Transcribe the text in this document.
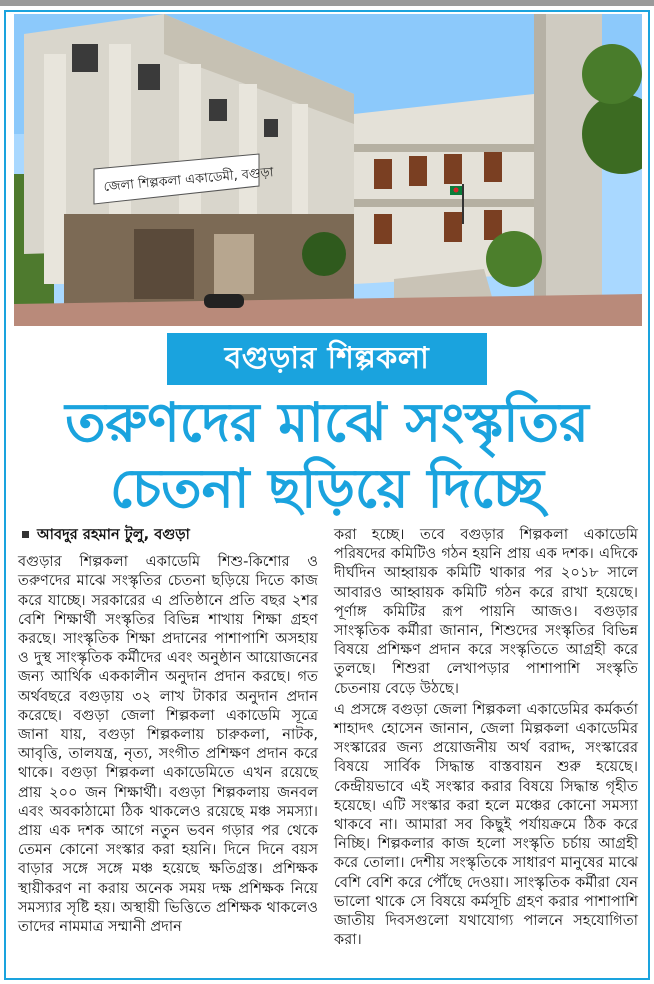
জেলা শিল্পকলা একাডেমী, বগুড়া
বগুড়ার শিল্পকলা
তরুণদের মাঝে সংস্কৃতির
চেতনা ছড়িয়ে দিচ্ছে
আবদুর রহমান টুলু, বগুড়া

বগুড়ার শিল্পকলা একাডেমি শিশু-কিশোর ও তরুণদের মাঝে সংস্কৃতির চেতনা ছড়িয়ে দিতে কাজ করে যাচ্ছে। সরকারের এ প্রতিষ্ঠানে প্রতি বছর ২শর বেশি শিক্ষার্থী সংস্কৃতির বিভিন্ন শাখায় শিক্ষা গ্রহণ করছে। সাংস্কৃতিক শিক্ষা প্রদানের পাশাপাশি অসহায় ও দুস্থ সাংস্কৃতিক কর্মীদের এবং অনুষ্ঠান আয়োজনের জন্য আর্থিক এককালীন অনুদান প্রদান করছে। গত অর্থবছরে বগুড়ায় ৩২ লাখ টাকার অনুদান প্রদান করেছে। বগুড়া জেলা শিল্পকলা একাডেমি সূত্রে জানা যায়, বগুড়া শিল্পকলায় চারুকলা, নাটক, আবৃত্তি, তালযন্ত্র, নৃত্য, সংগীত প্রশিক্ষণ প্রদান করে থাকে। বগুড়া শিল্পকলা একাডেমিতে এখন রয়েছে প্রায় ২০০ জন শিক্ষার্থী। বগুড়া শিল্পকলায় জনবল এবং অবকাঠামো ঠিক থাকলেও রয়েছে মঞ্চ সমস্যা। প্রায় এক দশক আগে নতুন ভবন গড়ার পর থেকে তেমন কোনো সংস্কার করা হয়নি। দিনে দিনে বয়স বাড়ার সঙ্গে সঙ্গে মঞ্চ হয়েছে ক্ষতিগ্রস্ত। প্রশিক্ষক স্থায়ীকরণ না করায় অনেক সময় দক্ষ প্রশিক্ষক নিয়ে সমস্যার সৃষ্টি হয়। অস্থায়ী ভিত্তিতে প্রশিক্ষক থাকলেও তাদের নামমাত্র সম্মানী প্রদান

করা হচ্ছে। তবে বগুড়ার শিল্পকলা একাডেমি পরিষদের কমিটিও গঠন হয়নি প্রায় এক দশক। এদিকে দীর্ঘদিন আহ্বায়ক কমিটি থাকার পর ২০১৮ সালে আবারও আহ্বায়ক কমিটি গঠন করে রাখা হয়েছে। পূর্ণাঙ্গ কমিটির রূপ পায়নি আজও। বগুড়ার সাংস্কৃতিক কর্মীরা জানান, শিশুদের সংস্কৃতির বিভিন্ন বিষয়ে প্রশিক্ষণ প্রদান করে সংস্কৃতিতে আগ্রহী করে তুলছে। শিশুরা লেখাপড়ার পাশাপাশি সংস্কৃতি চেতনায় বেড়ে উঠছে।

এ প্রসঙ্গে বগুড়া জেলা শিল্পকলা একাডেমির কর্মকর্তা শাহাদৎ হোসেন জানান, জেলা মিল্পকলা একাডেমির সংস্কারের জন্য প্রয়োজনীয় অর্থ বরাদ্দ, সংস্কারের বিষয়ে সার্বিক সিদ্ধান্ত বাস্তবায়ন শুরু হয়েছে। কেন্দ্রীয়ভাবে এই সংস্কার করার বিষয়ে সিদ্ধান্ত গৃহীত হয়েছে। এটি সংস্কার করা হলে মঞ্চের কোনো সমস্যা থাকবে না। আমারা সব কিছুই পর্যায়ক্রমে ঠিক করে নিচ্ছি। শিল্পকলার কাজ হলো সংস্কৃতি চর্চায় আগ্রহী করে তোলা। দেশীয় সংস্কৃতিকে সাধারণ মানুষের মাঝে বেশি বেশি করে পৌঁছে দেওয়া। সাংস্কৃতিক কর্মীরা যেন ভালো থাকে সে বিষয়ে কর্মসূচি গ্রহণ করার পাশাপাশি জাতীয় দিবসগুলো যথাযোগ্য পালনে সহযোগিতা করা।
